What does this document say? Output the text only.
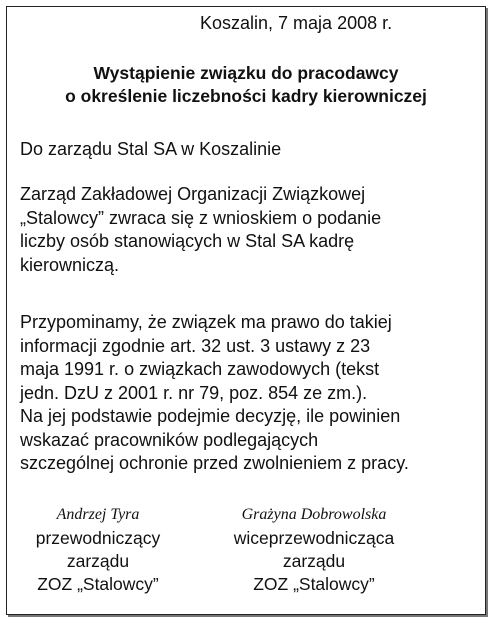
Koszalin, 7 maja 2008 r.
Wystąpienie związku do pracodawcy
o określenie liczebności kadry kierowniczej
Do zarządu Stal SA w Koszalinie
Zarząd Zakładowej Organizacji Związkowej
„Stalowcy” zwraca się z wnioskiem o podanie
liczby osób stanowiących w Stal SA kadrę
kierowniczą.
Przypominamy, że związek ma prawo do takiej
informacji zgodnie art. 32 ust. 3 ustawy z 23
maja 1991 r. o związkach zawodowych (tekst
jedn. DzU z 2001 r. nr 79, poz. 854 ze zm.).
Na jej podstawie podejmie decyzję, ile powinien
wskazać pracowników podlegających
szczególnej ochronie przed zwolnieniem z pracy.
Andrzej Tyra
przewodniczący
zarządu
ZOZ „Stalowcy”
Grażyna Dobrowolska
wiceprzewodnicząca
zarządu
ZOZ „Stalowcy”
